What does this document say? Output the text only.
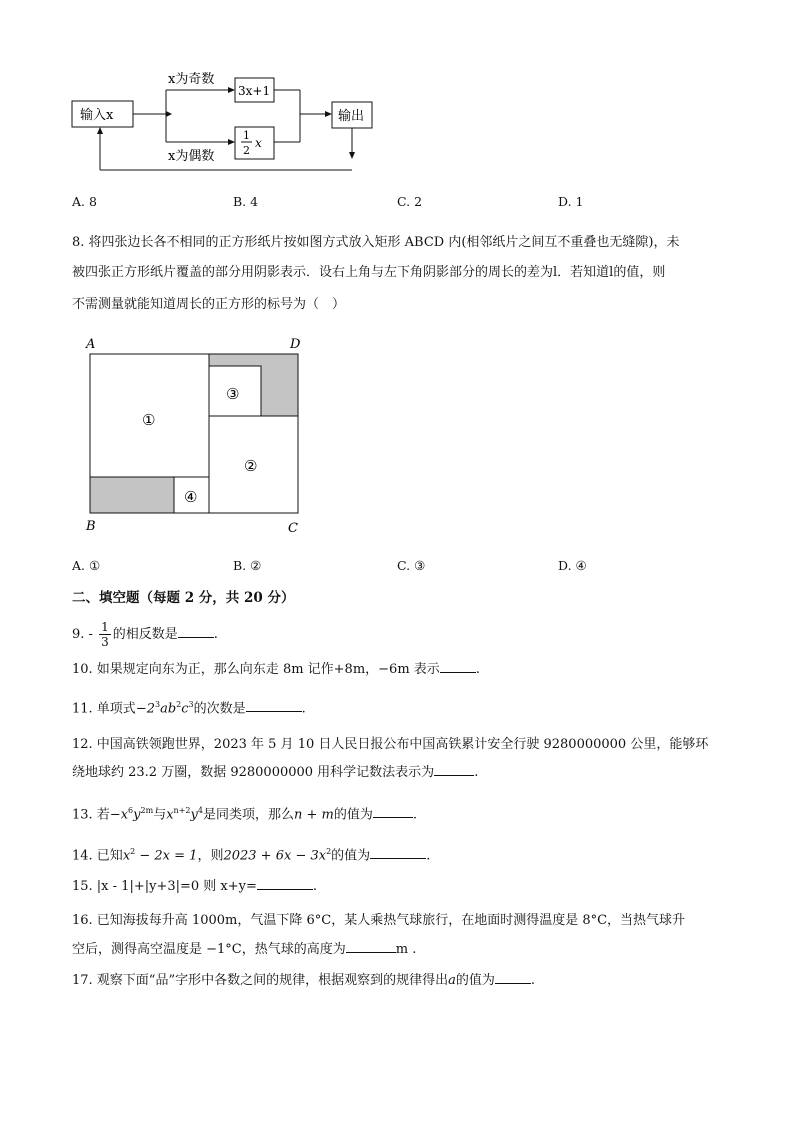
输入x
x为奇数
3x+1
x为偶数
1
2
x
输出
A. 8	B. 4	C. 2	D. 1
8. 将四张边长各不相同的正方形纸片按如图方式放入矩形 ABCD 内(相邻纸片之间互不重叠也无缝隙)，未
被四张正方形纸片覆盖的部分用阴影表示．设右上角与左下角阴影部分的周长的差为l．若知道l的值，则
不需测量就能知道周长的正方形的标号为（　）
A	D
B	C
①
③
②
④
A. ①	B. ②	C. ③	D. ④
二、填空题（每题 2 分，共 20 分）
9. - $\frac{1}{3}$ 的相反数是	.
10. 如果规定向东为正，那么向东走 8m 记作+8m，−6m 表示	.
11. 单项式$-2^3ab^2c^3$的次数是	.
12. 中国高铁领跑世界，2023 年 5 月 10 日人民日报公布中国高铁累计安全行驶 9280000000 公里，能够环
绕地球约 23.2 万圈，数据 9280000000 用科学记数法表示为	.
13. 若$-x^6y^{2m}$与$x^{n+2}y^4$是同类项，那么n + m的值为	.
14. 已知$x^2 - 2x = 1$，则$2023 + 6x - 3x^2$的值为	.
15. |x - 1|+|y+3|=0 则 x+y=	.
16. 已知海拔每升高 1000m，气温下降 6°C，某人乘热气球旅行，在地面时测得温度是 8°C，当热气球升
空后，测得高空温度是 −1°C，热气球的高度为	m .
17. 观察下面“品”字形中各数之间的规律，根据观察到的规律得出a的值为	.
